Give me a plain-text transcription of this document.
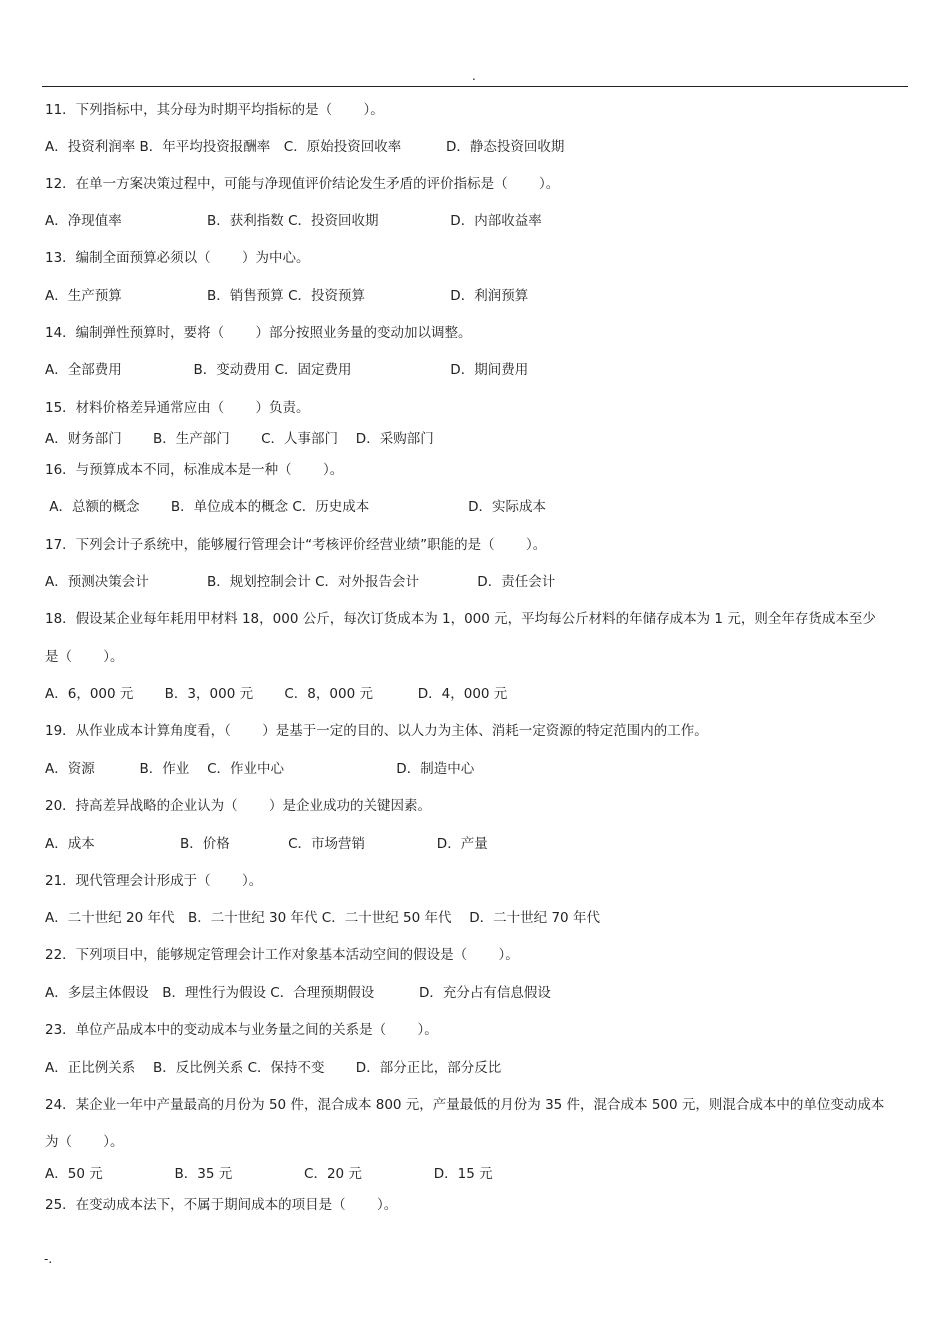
.
11．下列指标中，其分母为时期平均指标的是（　　 ）。
A．投资利润率 B．年平均投资报酬率　C．原始投资回收率　　　 D．静态投资回收期
12．在单一方案决策过程中，可能与净现值评价结论发生矛盾的评价指标是（　　 ）。
A．净现值率　　　　　　 B．获利指数 C．投资回收期　　　　　 D．内部收益率
13．编制全面预算必须以（　　 ）为中心。
A．生产预算　　　　　　 B．销售预算 C．投资预算　　　　　　 D．利润预算
14．编制弹性预算时，要将（　　 ）部分按照业务量的变动加以调整。
A．全部费用　　　　　 B．变动费用 C．固定费用　　　　　　　 D．期间费用
15．材料价格差异通常应由（　　 ）负责。
A．财务部门　　 B．生产部门　　 C．人事部门　 D．采购部门
16．与预算成本不同，标准成本是一种（　　 ）。
A．总额的概念　　 B．单位成本的概念 C．历史成本　　　　　　　 D．实际成本
17．下列会计子系统中，能够履行管理会计“考核评价经营业绩”职能的是（　　 ）。
A．预测决策会计　　　　 B．规划控制会计 C．对外报告会计　　　　 D．责任会计
18．假设某企业每年耗用甲材料 18，000 公斤，每次订货成本为 1，000 元，平均每公斤材料的年储存成本为 1 元，则全年存货成本至少
是（　　 ）。
A．6，000 元　　 B．3，000 元　　 C．8，000 元　　　 D．4，000 元
19．从作业成本计算角度看，（　　 ）是基于一定的目的、以人力为主体、消耗一定资源的特定范围内的工作。
A．资源　　　 B．作业　 C．作业中心　　　　　　　　 D．制造中心
20．持高差异战略的企业认为（　　 ）是企业成功的关键因素。
A．成本　　　　　　 B．价格　　　　 C．市场营销　　　　　 D．产量
21．现代管理会计形成于（　　 ）。
A．二十世纪 20 年代　B．二十世纪 30 年代 C．二十世纪 50 年代　 D．二十世纪 70 年代
22．下列项目中，能够规定管理会计工作对象基本活动空间的假设是（　　 ）。
A．多层主体假设　B．理性行为假设 C．合理预期假设　　　 D．充分占有信息假设
23．单位产品成本中的变动成本与业务量之间的关系是（　　 ）。
A．正比例关系　 B．反比例关系 C．保持不变　　 D．部分正比，部分反比
24．某企业一年中产量最高的月份为 50 件，混合成本 800 元，产量最低的月份为 35 件，混合成本 500 元，则混合成本中的单位变动成本
为（　　 ）。
A．50 元　　　　　 B．35 元　　　　　 C．20 元　　　　　 D．15 元
25．在变动成本法下，不属于期间成本的项目是（　　 ）。
-.
